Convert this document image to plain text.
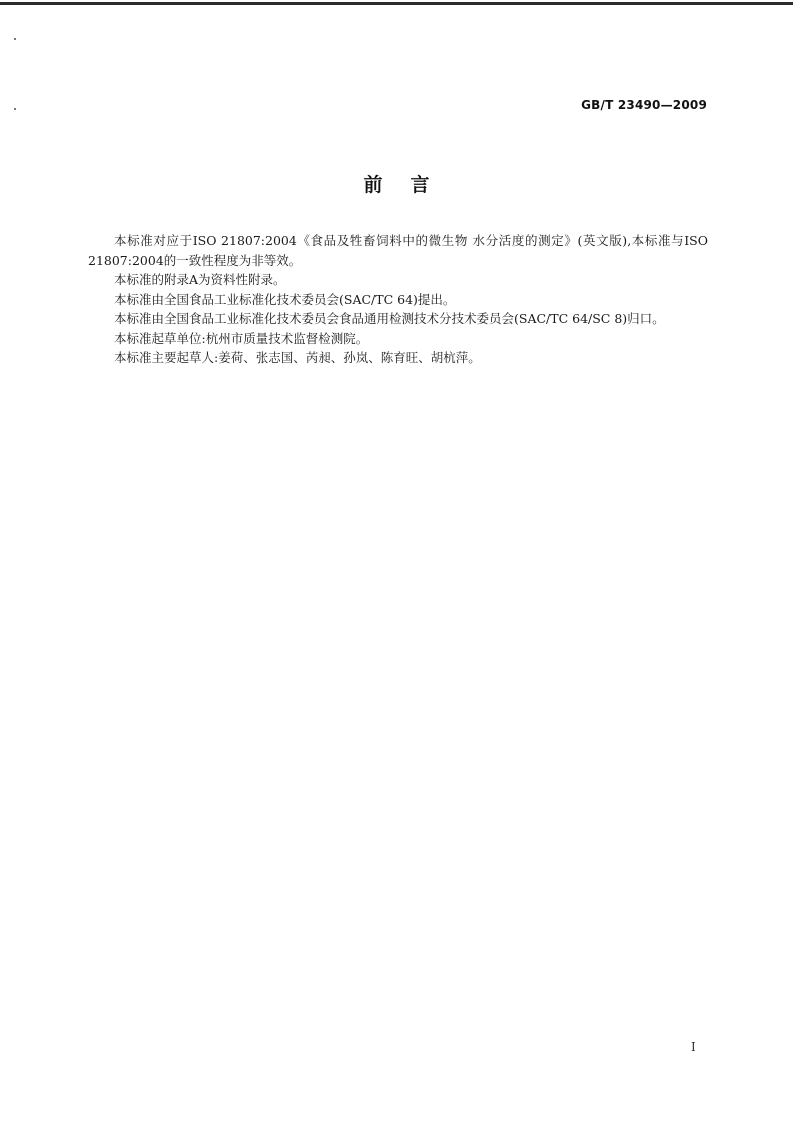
GB/T 23490—2009
前言

本标准对应于ISO 21807:2004《食品及牲畜饲料中的微生物 水分活度的测定》(英文版),本标准与ISO 21807:2004的一致性程度为非等效。

本标准的附录A为资料性附录。

本标准由全国食品工业标准化技术委员会(SAC/TC 64)提出。

本标准由全国食品工业标准化技术委员会食品通用检测技术分技术委员会(SAC/TC 64/SC 8)归口。

本标准起草单位:杭州市质量技术监督检测院。

本标准主要起草人:姜荷、张志国、芮昶、孙岚、陈育旺、胡杭萍。

I
